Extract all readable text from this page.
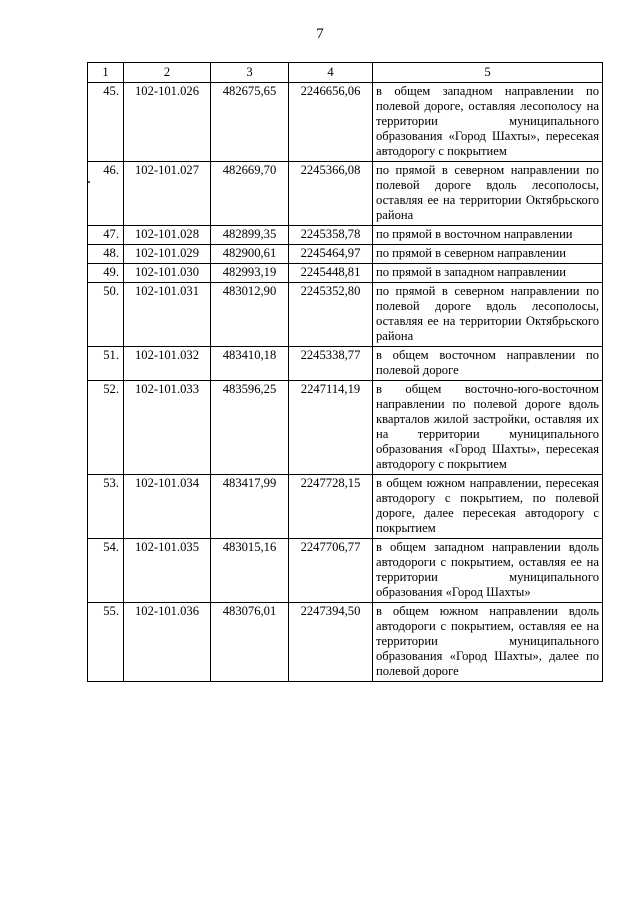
7
1	2	3	4	5
45.	102-101.026	482675,65	2246656,06	в общем западном направлении по полевой дороге, оставляя лесополосу на территории муниципального образования «Город Шахты», пересекая автодорогу с покрытием
46.	102-101.027	482669,70	2245366,08	по прямой в северном направлении по полевой дороге вдоль лесополосы, оставляя ее на территории Октябрьского района
47.	102-101.028	482899,35	2245358,78	по прямой в восточном направлении
48.	102-101.029	482900,61	2245464,97	по прямой в северном направлении
49.	102-101.030	482993,19	2245448,81	по прямой в западном направлении
50.	102-101.031	483012,90	2245352,80	по прямой в северном направлении по полевой дороге вдоль лесополосы, оставляя ее на территории Октябрьского района
51.	102-101.032	483410,18	2245338,77	в общем восточном направлении по полевой дороге
52.	102-101.033	483596,25	2247114,19	в общем восточно-юго-восточном направлении по полевой дороге вдоль кварталов жилой застройки, оставляя их на территории муниципального образования «Город Шахты», пересекая автодорогу с покрытием
53.	102-101.034	483417,99	2247728,15	в общем южном направлении, пересекая автодорогу с покрытием, по полевой дороге, далее пересекая автодорогу с покрытием
54.	102-101.035	483015,16	2247706,77	в общем западном направлении вдоль автодороги с покрытием, оставляя ее на территории муниципального образования «Город Шахты»
55.	102-101.036	483076,01	2247394,50	в общем южном направлении вдоль автодороги с покрытием, оставляя ее на территории муниципального образования «Город Шахты», далее по полевой дороге
